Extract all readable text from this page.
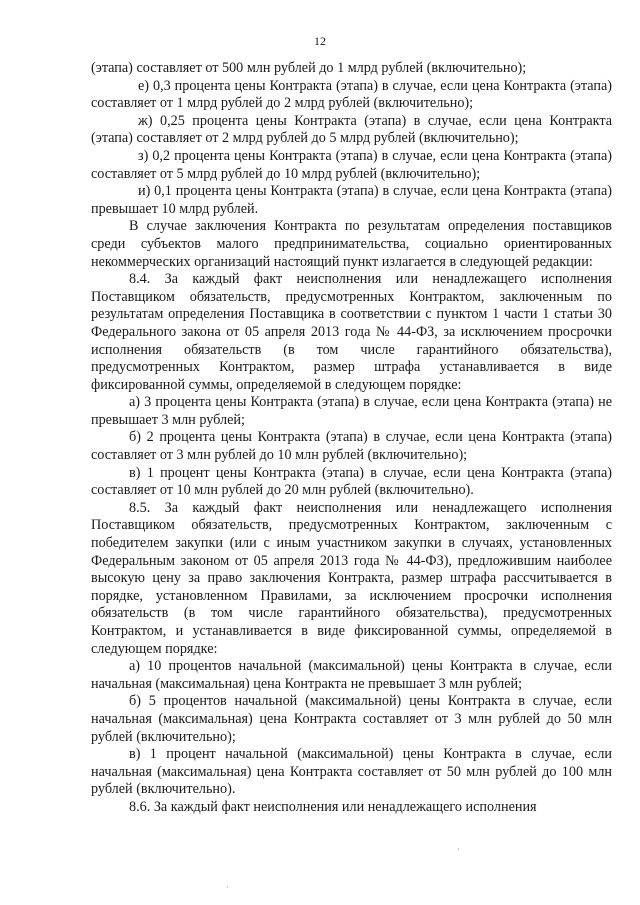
12

(этапа) составляет от 500 млн рублей до 1 млрд рублей (включительно);

е) 0,3 процента цены Контракта (этапа) в случае, если цена Контракта (этапа) составляет от 1 млрд рублей до 2 млрд рублей (включительно);

ж) 0,25 процента цены Контракта (этапа) в случае, если цена Контракта (этапа) составляет от 2 млрд рублей до 5 млрд рублей (включительно);

з) 0,2 процента цены Контракта (этапа) в случае, если цена Контракта (этапа) составляет от 5 млрд рублей до 10 млрд рублей (включительно);

и) 0,1 процента цены Контракта (этапа) в случае, если цена Контракта (этапа) превышает 10 млрд рублей.

В случае заключения Контракта по результатам определения поставщиков среди субъектов малого предпринимательства, социально ориентированных некоммерческих организаций настоящий пункт излагается в следующей редакции:

8.4. За каждый факт неисполнения или ненадлежащего исполнения Поставщиком обязательств, предусмотренных Контрактом, заключенным по результатам определения Поставщика в соответствии с пунктом 1 части 1 статьи 30 Федерального закона от 05 апреля 2013 года № 44-ФЗ, за исключением просрочки исполнения обязательств (в том числе гарантийного обязательства), предусмотренных Контрактом, размер штрафа устанавливается в виде фиксированной суммы, определяемой в следующем порядке:

а) 3 процента цены Контракта (этапа) в случае, если цена Контракта (этапа) не превышает 3 млн рублей;

б) 2 процента цены Контракта (этапа) в случае, если цена Контракта (этапа) составляет от 3 млн рублей до 10 млн рублей (включительно);

в) 1 процент цены Контракта (этапа) в случае, если цена Контракта (этапа) составляет от 10 млн рублей до 20 млн рублей (включительно).

8.5. За каждый факт неисполнения или ненадлежащего исполнения Поставщиком обязательств, предусмотренных Контрактом, заключенным с победителем закупки (или с иным участником закупки в случаях, установленных Федеральным законом от 05 апреля 2013 года № 44-ФЗ), предложившим наиболее высокую цену за право заключения Контракта, размер штрафа рассчитывается в порядке, установленном Правилами, за исключением просрочки исполнения обязательств (в том числе гарантийного обязательства), предусмотренных Контрактом, и устанавливается в виде фиксированной суммы, определяемой в следующем порядке:

а) 10 процентов начальной (максимальной) цены Контракта в случае, если начальная (максимальная) цена Контракта не превышает 3 млн рублей;

б) 5 процентов начальной (максимальной) цены Контракта в случае, если начальная (максимальная) цена Контракта составляет от 3 млн рублей до 50 млн рублей (включительно);

в) 1 процент начальной (максимальной) цены Контракта в случае, если начальная (максимальная) цена Контракта составляет от 50 млн рублей до 100 млн рублей (включительно).

8.6. За каждый факт неисполнения или ненадлежащего исполнения

·
·
